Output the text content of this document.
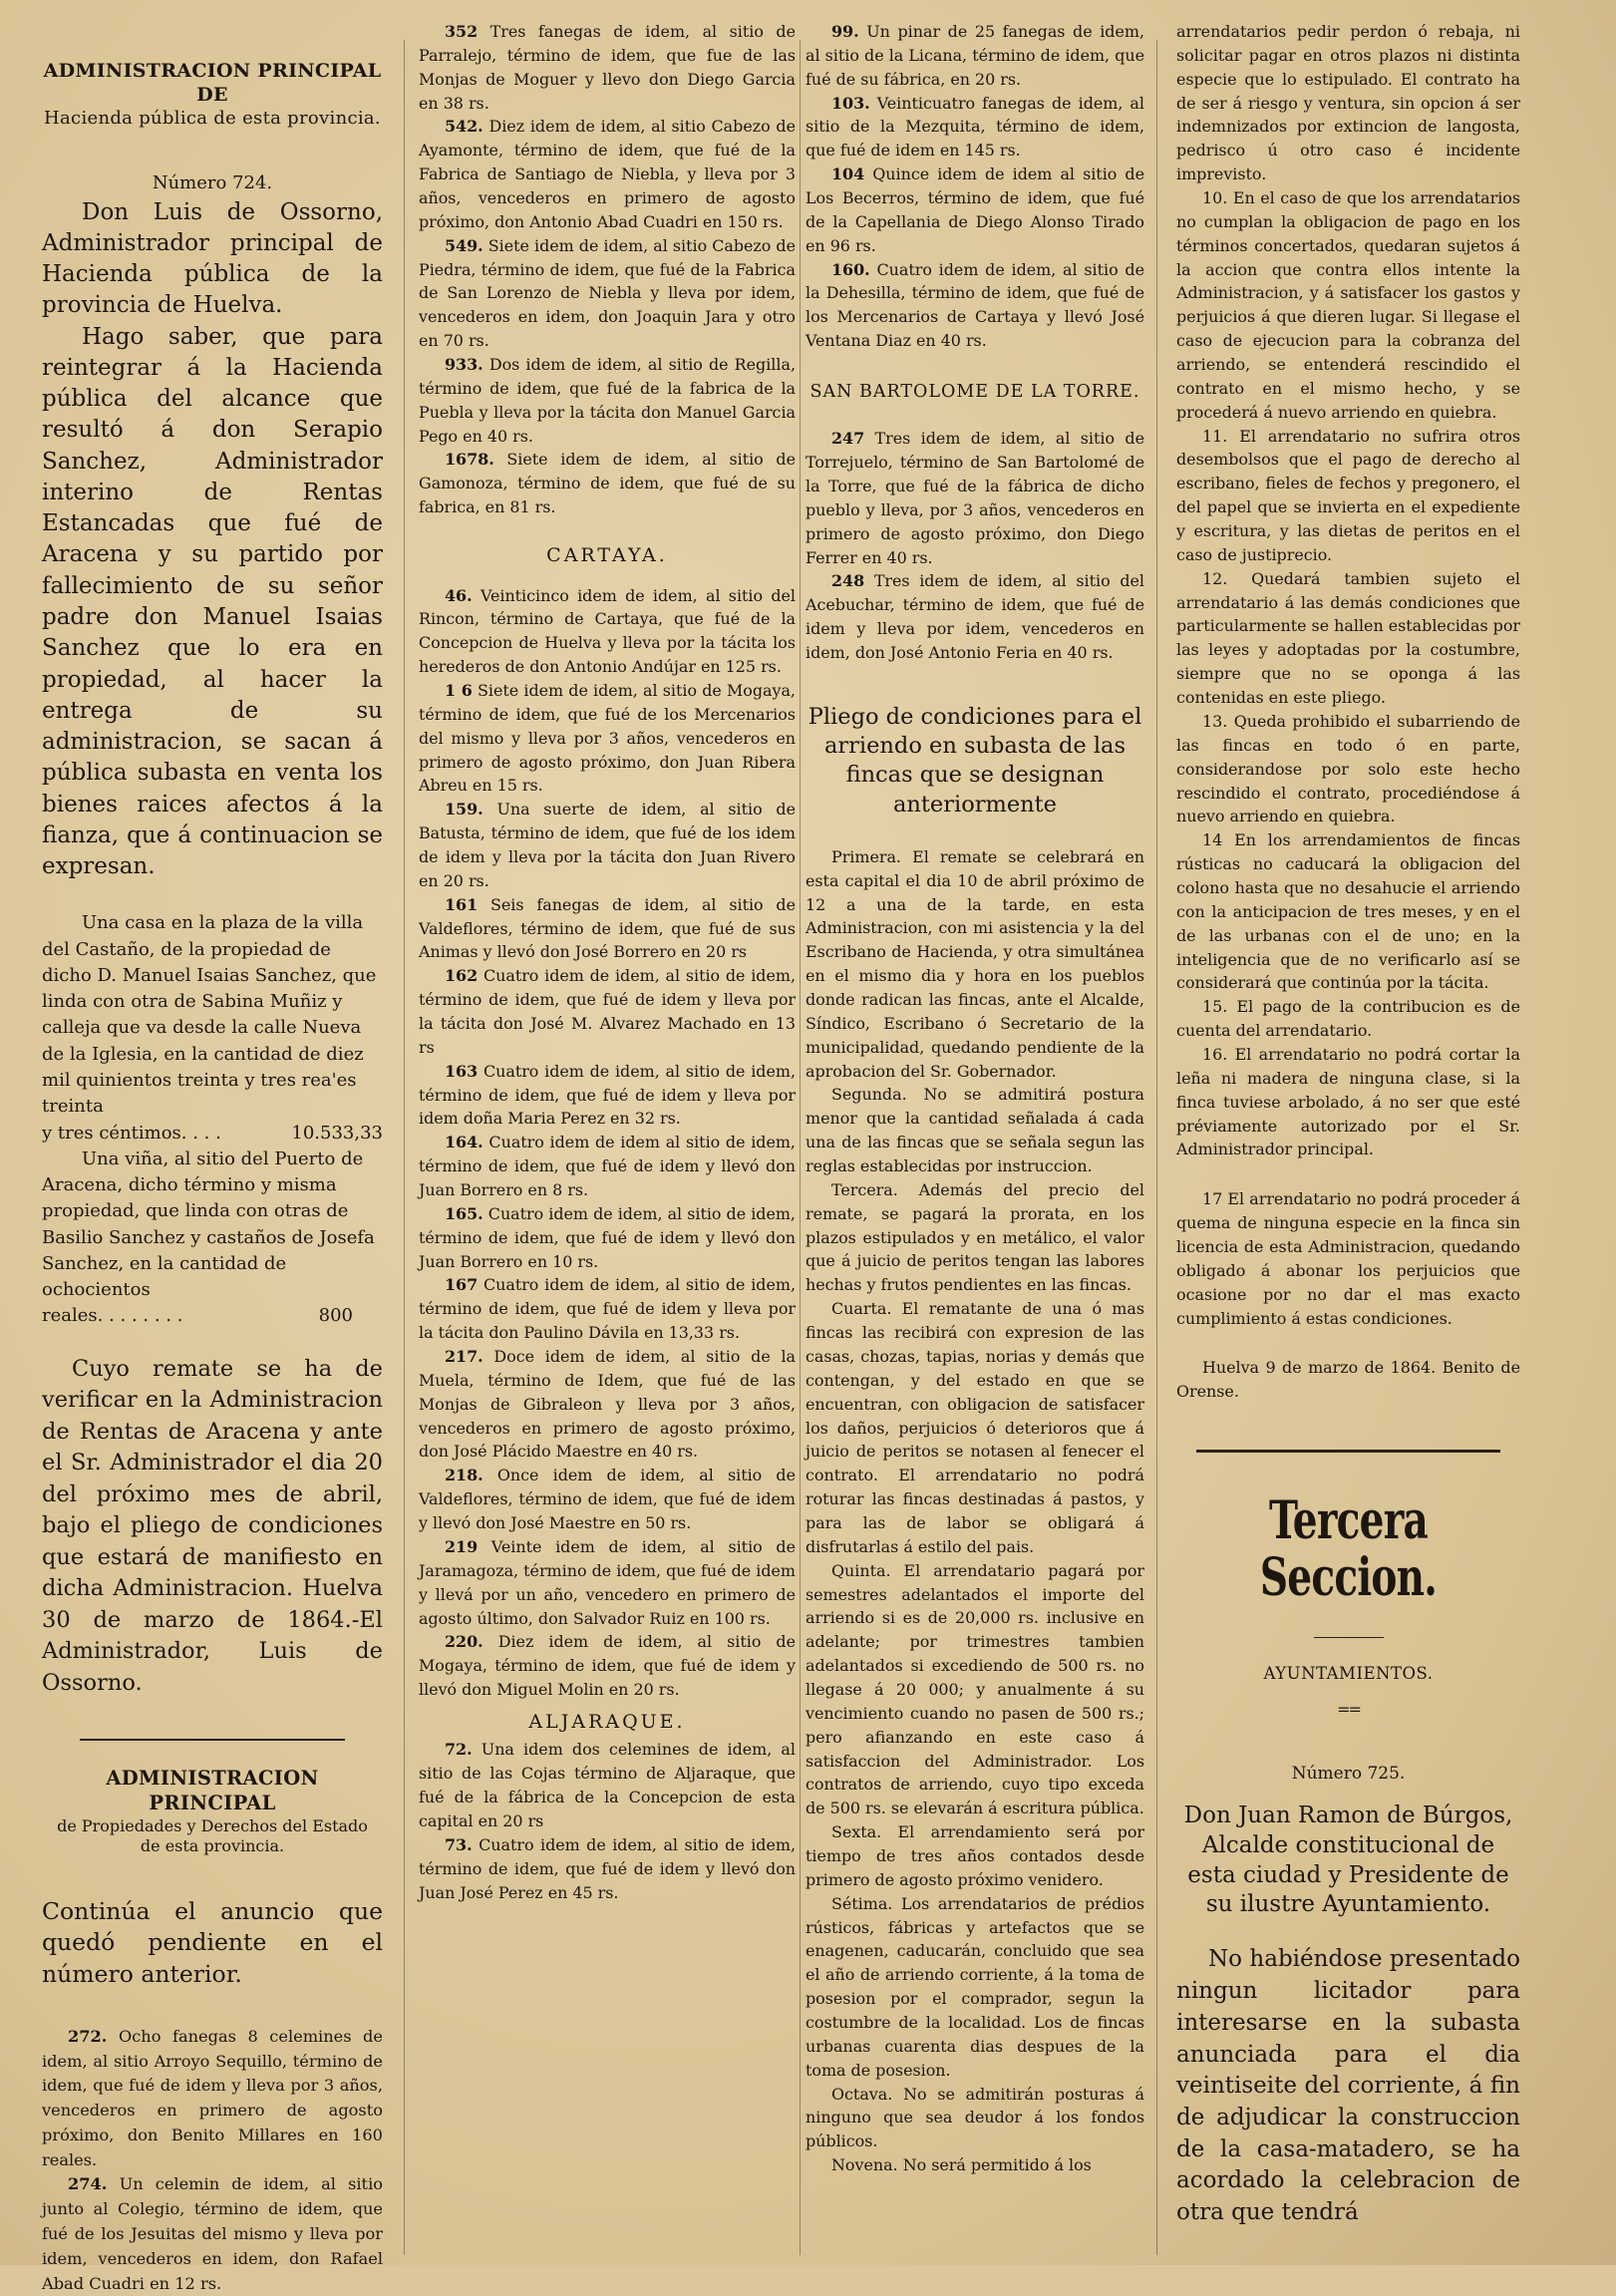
ADMINISTRACION PRINCIPAL DE
Hacienda pública de esta provincia.
Número 724.

Don Luis de Ossorno, Administrador principal de Hacienda pública de la provincia de Huelva.

Hago saber, que para reintegrar á la Hacienda pública del alcance que resultó á don Serapio Sanchez, Administrador interino de Rentas Estancadas que fué de Aracena y su partido por fallecimiento de su señor padre don Manuel Isaias Sanchez que lo era en propiedad, al hacer la entrega de su administracion, se sacan á pública subasta en venta los bienes raices afectos á la fianza, que á continuacion se expresan.

Una casa en la plaza de la villa del Castaño, de la propiedad de dicho D. Manuel Isaias Sanchez, que linda con otra de Sabina Muñiz y calleja que va desde la calle Nueva de la Iglesia, en la cantidad de diez mil quinientos treinta y tres rea'es treinta
y tres céntimos. . . .	10.533,33
Una viña, al sitio del Puerto de Aracena, dicho término y misma propiedad, que linda con otras de Basilio Sanchez y castaños de Josefa Sanchez, en la cantidad de ochocientos
reales. . . . . . . .	800

Cuyo remate se ha de verificar en la Administracion de Rentas de Aracena y ante el Sr. Administrador el dia 20 del próximo mes de abril, bajo el pliego de condiciones que estará de manifiesto en dicha Administracion. Huelva 30 de marzo de 1864.-El Administrador, Luis de Ossorno.

ADMINISTRACION PRINCIPAL
de Propiedades y Derechos del Estado
de esta provincia.

Continúa el anuncio que quedó pendiente en el número anterior.

272. Ocho fanegas 8 celemines de idem, al sitio Arroyo Sequillo, término de idem, que fué de idem y lleva por 3 años, vencederos en primero de agosto próximo, don Benito Millares en 160 reales.

274. Un celemin de idem, al sitio junto al Colegio, término de idem, que fué de los Jesuitas del mismo y lleva por idem, vencederos en idem, don Rafael Abad Cuadri en 12 rs.

352 Tres fanegas de idem, al sitio de Parralejo, término de idem, que fue de las Monjas de Moguer y llevo don Diego Garcia en 38 rs.

542. Diez idem de idem, al sitio Cabezo de Ayamonte, término de idem, que fué de la Fabrica de Santiago de Niebla, y lleva por 3 años, vencederos en primero de agosto próximo, don Antonio Abad Cuadri en 150 rs.

549. Siete idem de idem, al sitio Cabezo de Piedra, término de idem, que fué de la Fabrica de San Lorenzo de Niebla y lleva por idem, vencederos en idem, don Joaquin Jara y otro en 70 rs.

933. Dos idem de idem, al sitio de Regilla, término de idem, que fué de la fabrica de la Puebla y lleva por la tácita don Manuel Garcia Pego en 40 rs.

1678. Siete idem de idem, al sitio de Gamonoza, término de idem, que fué de su fabrica, en 81 rs.

CARTAYA.

46. Veinticinco idem de idem, al sitio del Rincon, término de Cartaya, que fué de la Concepcion de Huelva y lleva por la tácita los herederos de don Antonio Andújar en 125 rs.

1 6 Siete idem de idem, al sitio de Mogaya, término de idem, que fué de los Mercenarios del mismo y lleva por 3 años, vencederos en primero de agosto próximo, don Juan Ribera Abreu en 15 rs.

159. Una suerte de idem, al sitio de Batusta, término de idem, que fué de los idem de idem y lleva por la tácita don Juan Rivero en 20 rs.

161 Seis fanegas de idem, al sitio de Valdeflores, término de idem, que fué de sus Animas y llevó don José Borrero en 20 rs

162 Cuatro idem de idem, al sitio de idem, término de idem, que fué de idem y lleva por la tácita don José M. Alvarez Machado en 13 rs

163 Cuatro idem de idem, al sitio de idem, término de idem, que fué de idem y lleva por idem doña Maria Perez en 32 rs.

164. Cuatro idem de idem al sitio de idem, término de idem, que fué de idem y llevó don Juan Borrero en 8 rs.

165. Cuatro idem de idem, al sitio de idem, término de idem, que fué de idem y llevó don Juan Borrero en 10 rs.

167 Cuatro idem de idem, al sitio de idem, término de idem, que fué de idem y lleva por la tácita don Paulino Dávila en 13,33 rs.

217. Doce idem de idem, al sitio de la Muela, término de Idem, que fué de las Monjas de Gibraleon y lleva por 3 años, vencederos en primero de agosto próximo, don José Plácido Maestre en 40 rs.

218. Once idem de idem, al sitio de Valdeflores, término de idem, que fué de idem y llevó don José Maestre en 50 rs.

219 Veinte idem de idem, al sitio de Jaramagoza, término de idem, que fué de idem y llevá por un año, vencedero en primero de agosto último, don Salvador Ruiz en 100 rs.

220. Diez idem de idem, al sitio de Mogaya, término de idem, que fué de idem y llevó don Miguel Molin en 20 rs.

ALJARAQUE.

72. Una idem dos celemines de idem, al sitio de las Cojas término de Aljaraque, que fué de la fábrica de la Concepcion de esta capital en 20 rs

73. Cuatro idem de idem, al sitio de idem, término de idem, que fué de idem y llevó don Juan José Perez en 45 rs.

99. Un pinar de 25 fanegas de idem, al sitio de la Licana, término de idem, que fué de su fábrica, en 20 rs.

103. Veinticuatro fanegas de idem, al sitio de la Mezquita, término de idem, que fué de idem en 145 rs.

104 Quince idem de idem al sitio de Los Becerros, término de idem, que fué de la Capellania de Diego Alonso Tirado en 96 rs.

160. Cuatro idem de idem, al sitio de la Dehesilla, término de idem, que fué de los Mercenarios de Cartaya y llevó José Ventana Diaz en 40 rs.

SAN BARTOLOME DE LA TORRE.

247 Tres idem de idem, al sitio de Torrejuelo, término de San Bartolomé de la Torre, que fué de la fábrica de dicho pueblo y lleva, por 3 años, vencederos en primero de agosto próximo, don Diego Ferrer en 40 rs.

248 Tres idem de idem, al sitio del Acebuchar, término de idem, que fué de idem y lleva por idem, vencederos en idem, don José Antonio Feria en 40 rs.

Pliego de condiciones para el arriendo en subasta de las fincas que se designan anteriormente

Primera. El remate se celebrará en esta capital el dia 10 de abril próximo de 12 a una de la tarde, en esta Administracion, con mi asistencia y la del Escribano de Hacienda, y otra simultánea en el mismo dia y hora en los pueblos donde radican las fincas, ante el Alcalde, Síndico, Escribano ó Secretario de la municipalidad, quedando pendiente de la aprobacion del Sr. Gobernador.

Segunda. No se admitirá postura menor que la cantidad señalada á cada una de las fincas que se señala segun las reglas establecidas por instruccion.

Tercera. Además del precio del remate, se pagará la prorata, en los plazos estipulados y en metálico, el valor que á juicio de peritos tengan las labores hechas y frutos pendientes en las fincas.

Cuarta. El rematante de una ó mas fincas las recibirá con expresion de las casas, chozas, tapias, norias y demás que contengan, y del estado en que se encuentran, con obligacion de satisfacer los daños, perjuicios ó deterioros que á juicio de peritos se notasen al fenecer el contrato. El arrendatario no podrá roturar las fincas destinadas á pastos, y para las de labor se obligará á disfrutarlas á estilo del pais.

Quinta. El arrendatario pagará por semestres adelantados el importe del arriendo si es de 20,000 rs. inclusive en adelante; por trimestres tambien adelantados si excediendo de 500 rs. no llegase á 20 000; y anualmente á su vencimiento cuando no pasen de 500 rs.; pero afianzando en este caso á satisfaccion del Administrador. Los contratos de arriendo, cuyo tipo exceda de 500 rs. se elevarán á escritura pública.

Sexta. El arrendamiento será por tiempo de tres años contados desde primero de agosto próximo venidero.

Sétima. Los arrendatarios de prédios rústicos, fábricas y artefactos que se enagenen, caducarán, concluido que sea el año de arriendo corriente, á la toma de posesion por el comprador, segun la costumbre de la localidad. Los de fincas urbanas cuarenta dias despues de la toma de posesion.

Octava. No se admitirán posturas á ninguno que sea deudor á los fondos públicos.

Novena. No será permitido á los

arrendatarios pedir perdon ó rebaja, ni solicitar pagar en otros plazos ni distinta especie que lo estipulado. El contrato ha de ser á riesgo y ventura, sin opcion á ser indemnizados por extincion de langosta, pedrisco ú otro caso é incidente imprevisto.

10. En el caso de que los arrendatarios no cumplan la obligacion de pago en los términos concertados, quedaran sujetos á la accion que contra ellos intente la Administracion, y á satisfacer los gastos y perjuicios á que dieren lugar. Si llegase el caso de ejecucion para la cobranza del arriendo, se entenderá rescindido el contrato en el mismo hecho, y se procederá á nuevo arriendo en quiebra.

11. El arrendatario no sufrira otros desembolsos que el pago de derecho al escribano, fieles de fechos y pregonero, el del papel que se invierta en el expediente y escritura, y las dietas de peritos en el caso de justiprecio.

12. Quedará tambien sujeto el arrendatario á las demás condiciones que particularmente se hallen establecidas por las leyes y adoptadas por la costumbre, siempre que no se oponga á las contenidas en este pliego.

13. Queda prohibido el subarriendo de las fincas en todo ó en parte, considerandose por solo este hecho rescindido el contrato, procediéndose á nuevo arriendo en quiebra.

14 En los arrendamientos de fincas rústicas no caducará la obligacion del colono hasta que no desahucie el arriendo con la anticipacion de tres meses, y en el de las urbanas con el de uno; en la inteligencia que de no verificarlo así se considerará que continúa por la tácita.

15. El pago de la contribucion es de cuenta del arrendatario.

16. El arrendatario no podrá cortar la leña ni madera de ninguna clase, si la finca tuviese arbolado, á no ser que esté préviamente autorizado por el Sr. Administrador principal.

17 El arrendatario no podrá proceder á quema de ninguna especie en la finca sin licencia de esta Administracion, quedando obligado á abonar los perjuicios que ocasione por no dar el mas exacto cumplimiento á estas condiciones.

Huelva 9 de marzo de 1864. Benito de Orense.

Tercera Seccion.
AYUNTAMIENTOS.
==
Número 725.

Don Juan Ramon de Búrgos, Alcalde constitucional de esta ciudad y Presidente de su ilustre Ayuntamiento.

No habiéndose presentado ningun licitador para interesarse en la subasta anunciada para el dia veintiseite del corriente, á fin de adjudicar la construccion de la casa-matadero, se ha acordado la celebracion de otra que tendrá
